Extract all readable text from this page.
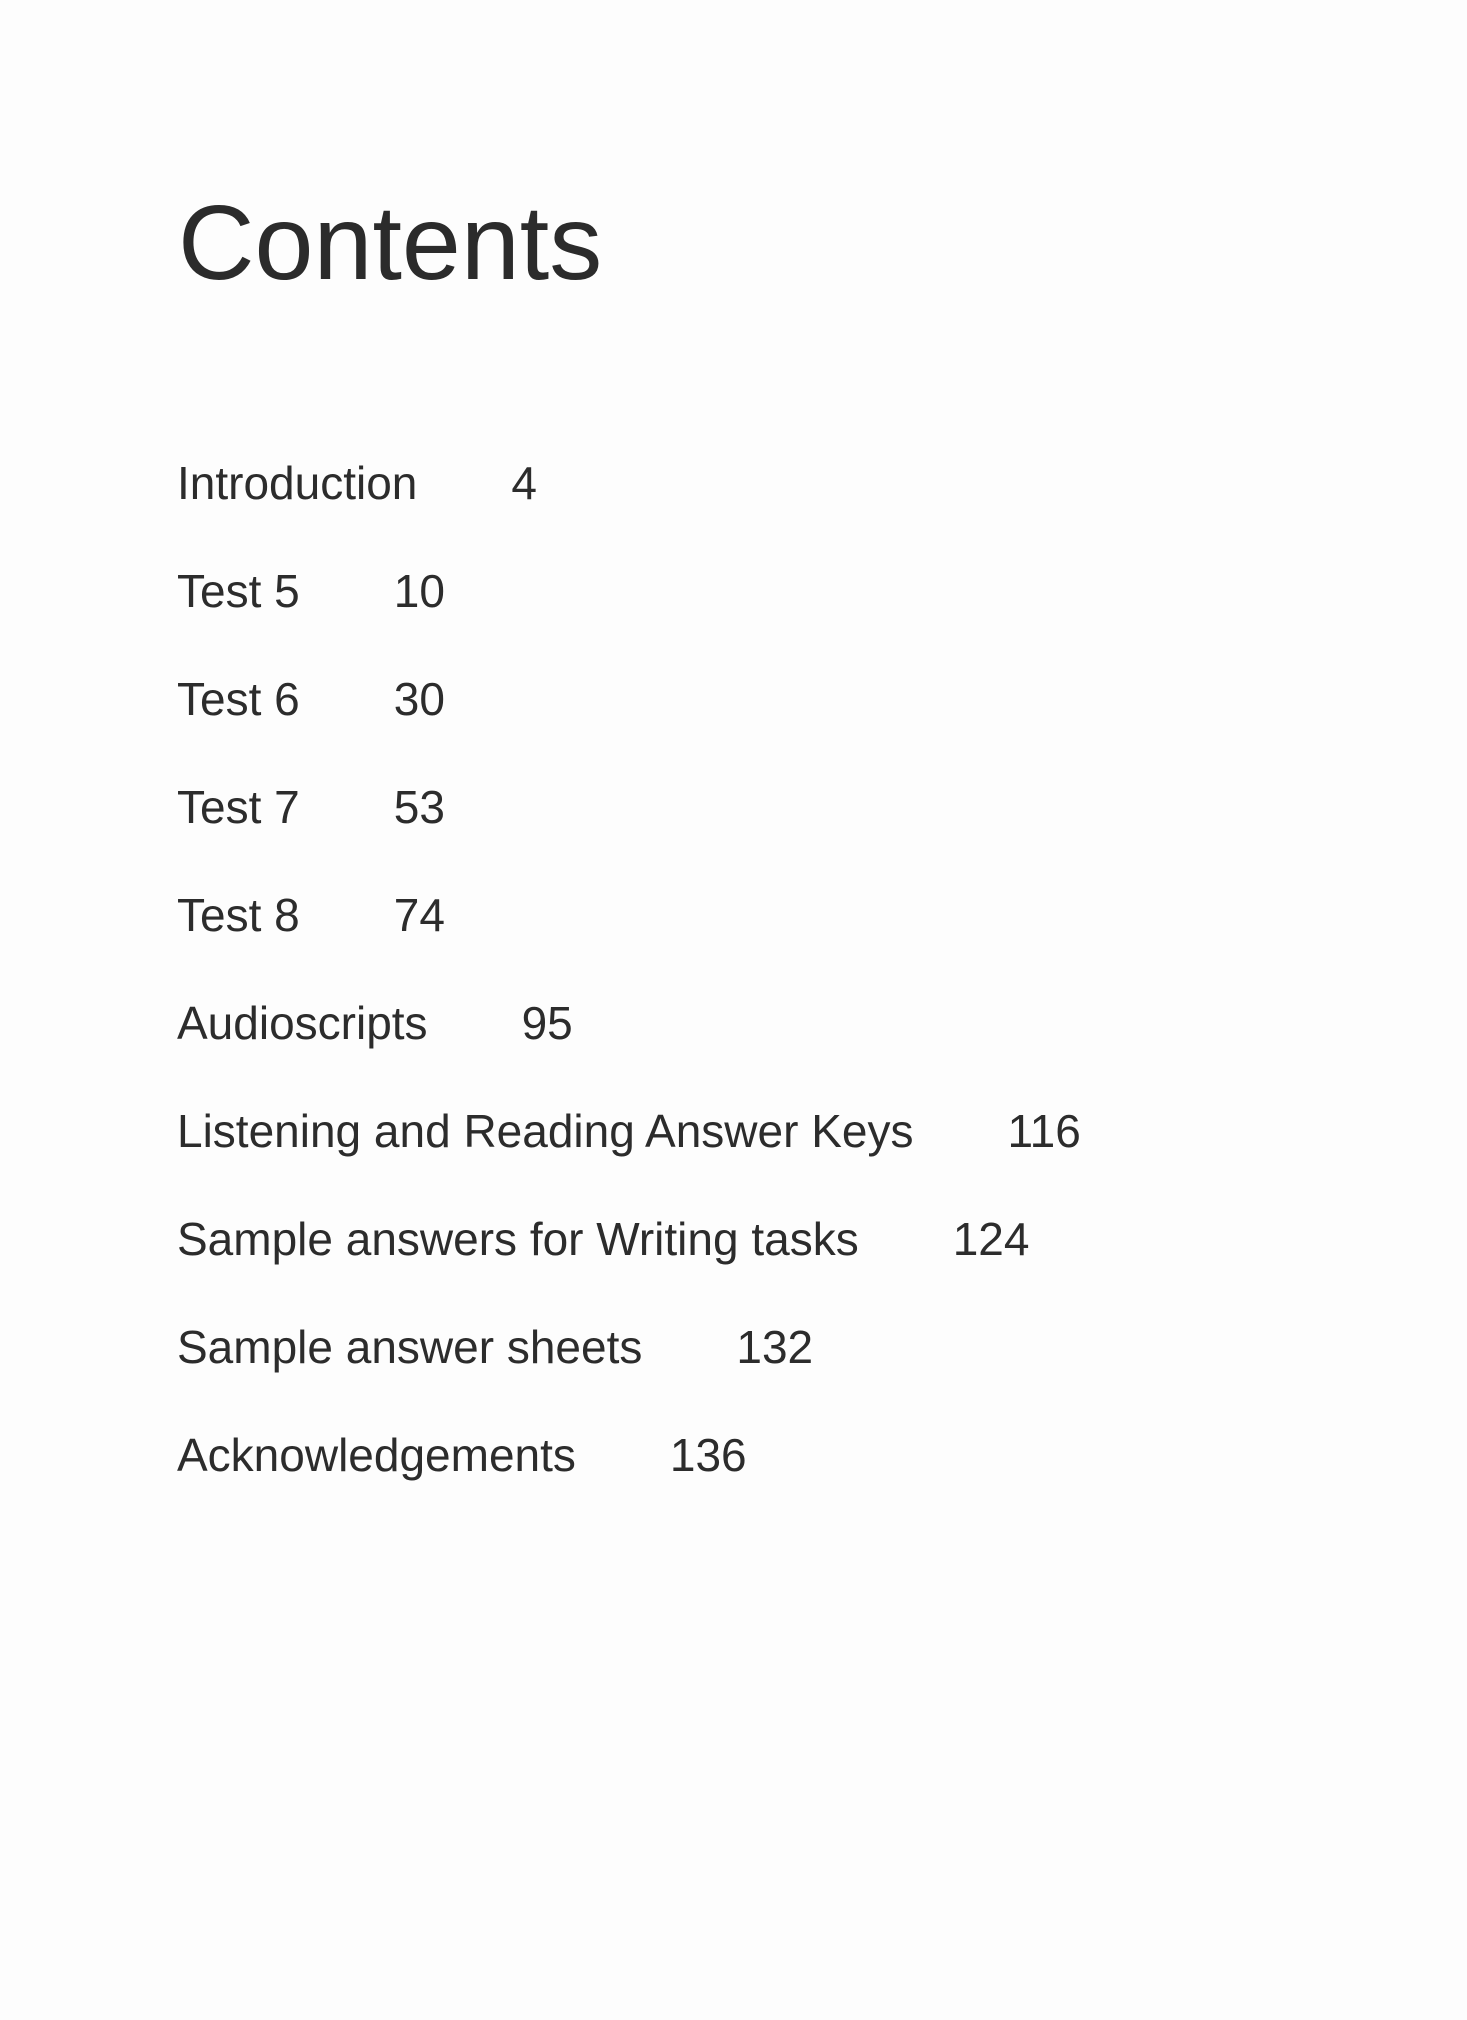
Contents
Introduction 4
Test 5 10
Test 6 30
Test 7 53
Test 8 74
Audioscripts 95
Listening and Reading Answer Keys 116
Sample answers for Writing tasks 124
Sample answer sheets 132
Acknowledgements 136
